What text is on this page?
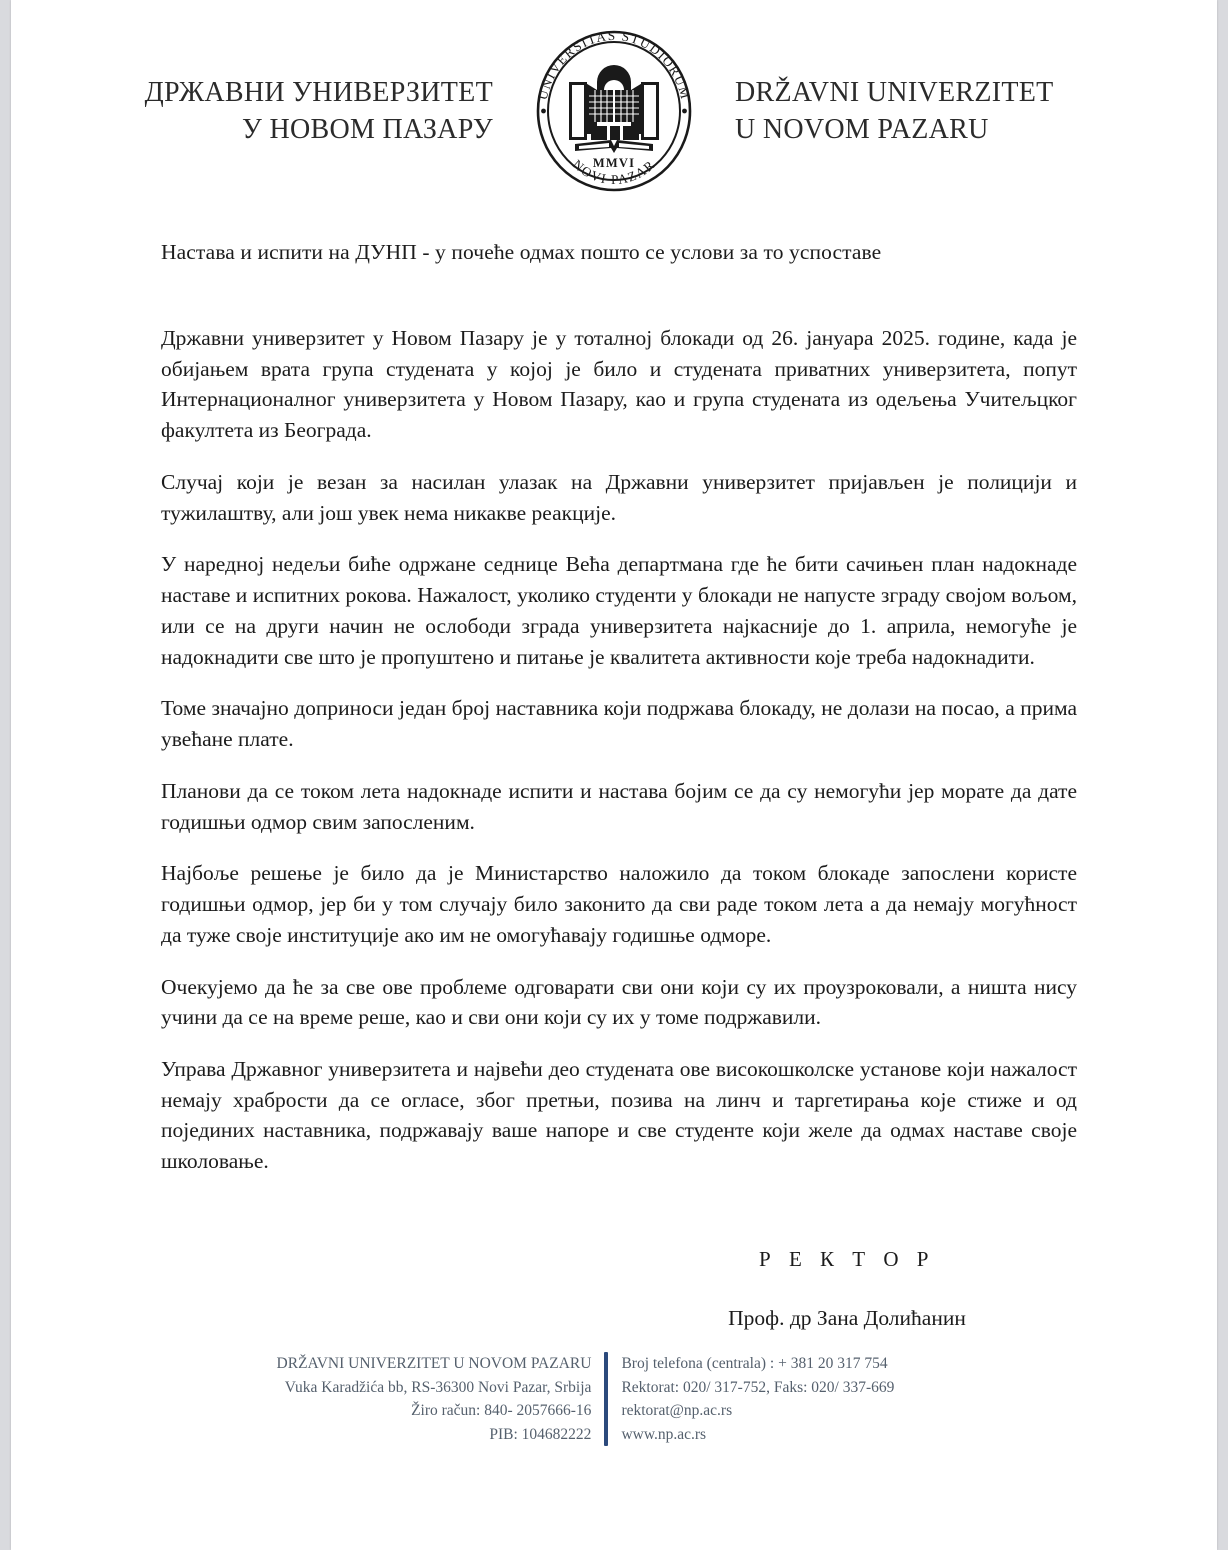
ДРЖАВНИ УНИВЕРЗИТЕТ
У НОВОМ ПАЗАРУ
UNIVERSITAS STUDIORUM
NOVI PAZAR
MMVI
DRŽAVNI UNIVERZITET
U NOVOM PAZARU

Настава и испити на ДУНП - у почеће одмах пошто се услови за то успоставе

Државни универзитет у Новом Пазару је у тоталној блокади од 26. јануара 2025. године, када је обијањем врата група студената у којој је било и студената приватних универзитета, попут Интернационалног универзитета у Новом Пазару, као и група студената из одељења Учитељцког факултета из Београда.

Случај који је везан за насилан улазак на Државни универзитет пријављен је полицији и тужилаштву, али још увек нема никакве реакције.

У наредној недељи биће одржане седнице Већа департмана где ће бити сачињен план надокнаде наставе и испитних рокова. Нажалост, уколико студенти у блокади не напусте зграду својом вољом, или се на други начин не ослободи зграда универзитета најкасније до 1. априла, немогуће је надокнадити све што је пропуштено и питање је квалитета активности које треба надокнадити.

Томе значајно доприноси један број наставника који подржава блокаду, не долази на посао, а прима увећане плате.

Планови да се током лета надокнаде испити и настава бојим се да су немогући јер морате да дате годишњи одмор свим запосленим.

Најбоље решење је било да је Министарство наложило да током блокаде запослени користе годишњи одмор, јер би у том случају било законито да сви раде током лета а да немају могућност да туже своје институције ако им не омогућавају годишње одморе.

Очекујемо да ће за све ове проблеме одговарати сви они који су их проузроковали, а ништа нису учини да се на време реше, као и сви они који су их у томе подржавили.

Управа Државног универзитета и највећи део студената ове високошколске установе који нажалост немају храбрости да се огласе, због претњи, позива на линч и таргетирања које стиже и од појединих наставника, подржавају ваше напоре и све студенте који желе да одмах наставе своје школовање.

Р Е К Т О Р

Проф. др Зана Долићанин

DRŽAVNI UNIVERZITET U NOVOM PAZARU
Vuka Karadžića bb, RS-36300 Novi Pazar, Srbija
Žiro račun: 840- 2057666-16
PIB: 104682222
Broj telefona (centrala) : + 381 20 317 754
Rektorat: 020/ 317-752, Faks: 020/ 337-669
rektorat@np.ac.rs
www.np.ac.rs
